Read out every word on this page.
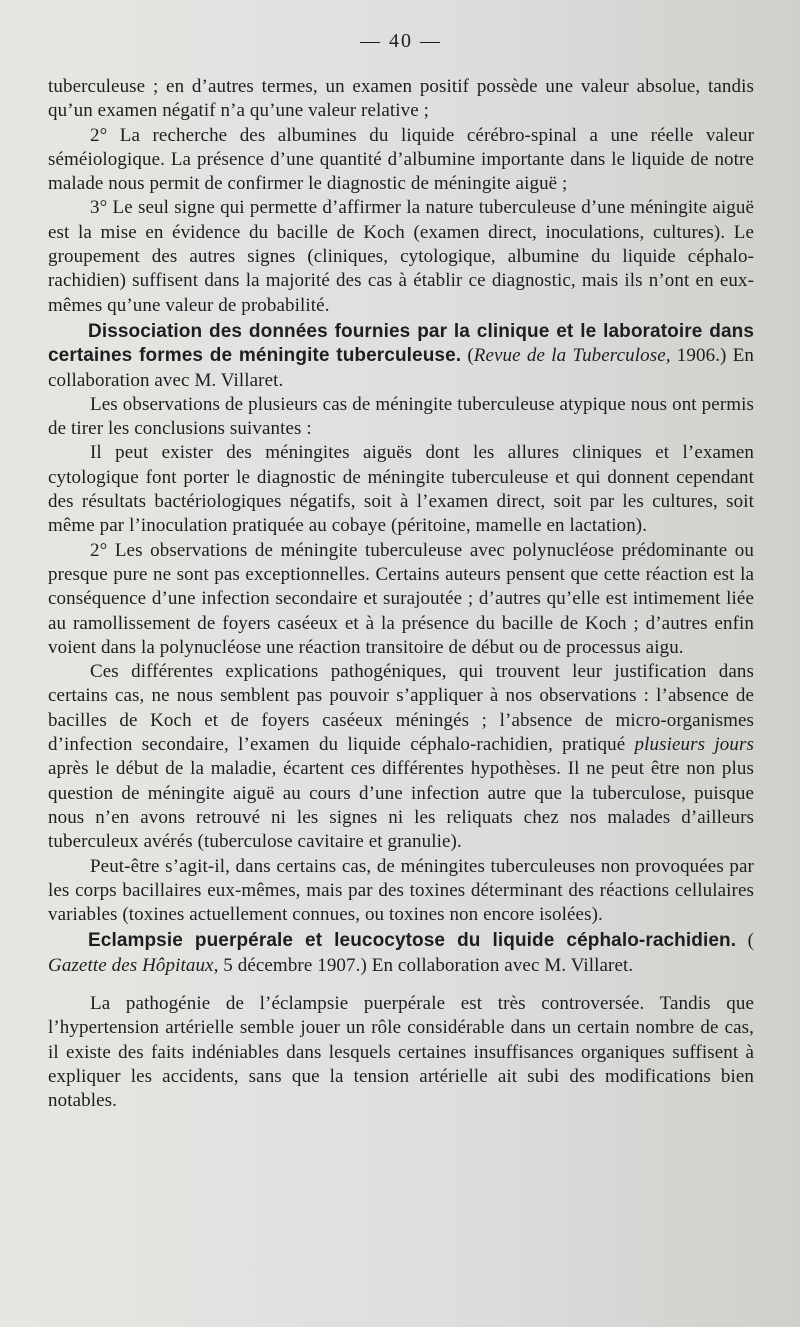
— 40 —

tuberculeuse ; en d’autres termes, un examen positif possède une valeur absolue, tandis qu’un examen négatif n’a qu’une valeur relative ;

2° La recherche des albumines du liquide cérébro-spinal a une réelle valeur séméiologique. La présence d’une quantité d’albumine importante dans le liquide de notre malade nous permit de confirmer le diagnostic de méningite aiguë ;

3° Le seul signe qui permette d’affirmer la nature tuberculeuse d’une méningite aiguë est la mise en évidence du bacille de Koch (examen direct, inoculations, cultures). Le groupement des autres signes (cliniques, cytologique, albumine du liquide céphalo-rachidien) suffisent dans la majorité des cas à établir ce diagnostic, mais ils n’ont en eux-mêmes qu’une valeur de probabilité.

Dissociation des données fournies par la clinique et le laboratoire dans certaines formes de méningite tuberculeuse. (Revue de la Tuberculose, 1906.) En collaboration avec M. Villaret.

Les observations de plusieurs cas de méningite tuberculeuse atypique nous ont permis de tirer les conclusions suivantes :

Il peut exister des méningites aiguës dont les allures cliniques et l’examen cytologique font porter le diagnostic de méningite tuberculeuse et qui donnent cependant des résultats bactériologiques négatifs, soit à l’examen direct, soit par les cultures, soit même par l’inoculation pratiquée au cobaye (péritoine, mamelle en lactation).

2° Les observations de méningite tuberculeuse avec polynucléose prédominante ou presque pure ne sont pas exceptionnelles. Certains auteurs pensent que cette réaction est la conséquence d’une infection secondaire et surajoutée ; d’autres qu’elle est intimement liée au ramollissement de foyers caséeux et à la présence du bacille de Koch ; d’autres enfin voient dans la polynucléose une réaction transitoire de début ou de processus aigu.

Ces différentes explications pathogéniques, qui trouvent leur justification dans certains cas, ne nous semblent pas pouvoir s’appliquer à nos observations : l’absence de bacilles de Koch et de foyers caséeux méningés ; l’absence de micro-organismes d’infection secondaire, l’examen du liquide céphalo-rachidien, pratiqué plusieurs jours après le début de la maladie, écartent ces différentes hypothèses. Il ne peut être non plus question de méningite aiguë au cours d’une infection autre que la tuberculose, puisque nous n’en avons retrouvé ni les signes ni les reliquats chez nos malades d’ailleurs tuberculeux avérés (tuberculose cavitaire et granulie).

Peut-être s’agit-il, dans certains cas, de méningites tuberculeuses non provoquées par les corps bacillaires eux-mêmes, mais par des toxines déterminant des réactions cellulaires variables (toxines actuellement connues, ou toxines non encore isolées).

Eclampsie puerpérale et leucocytose du liquide céphalo-rachidien. ( Gazette des Hôpitaux, 5 décembre 1907.) En collaboration avec M. Villaret.

La pathogénie de l’éclampsie puerpérale est très controversée. Tandis que l’hypertension artérielle semble jouer un rôle considérable dans un certain nombre de cas, il existe des faits indéniables dans lesquels certaines insuffisances organiques suffisent à expliquer les accidents, sans que la tension artérielle ait subi des modifications bien notables.
